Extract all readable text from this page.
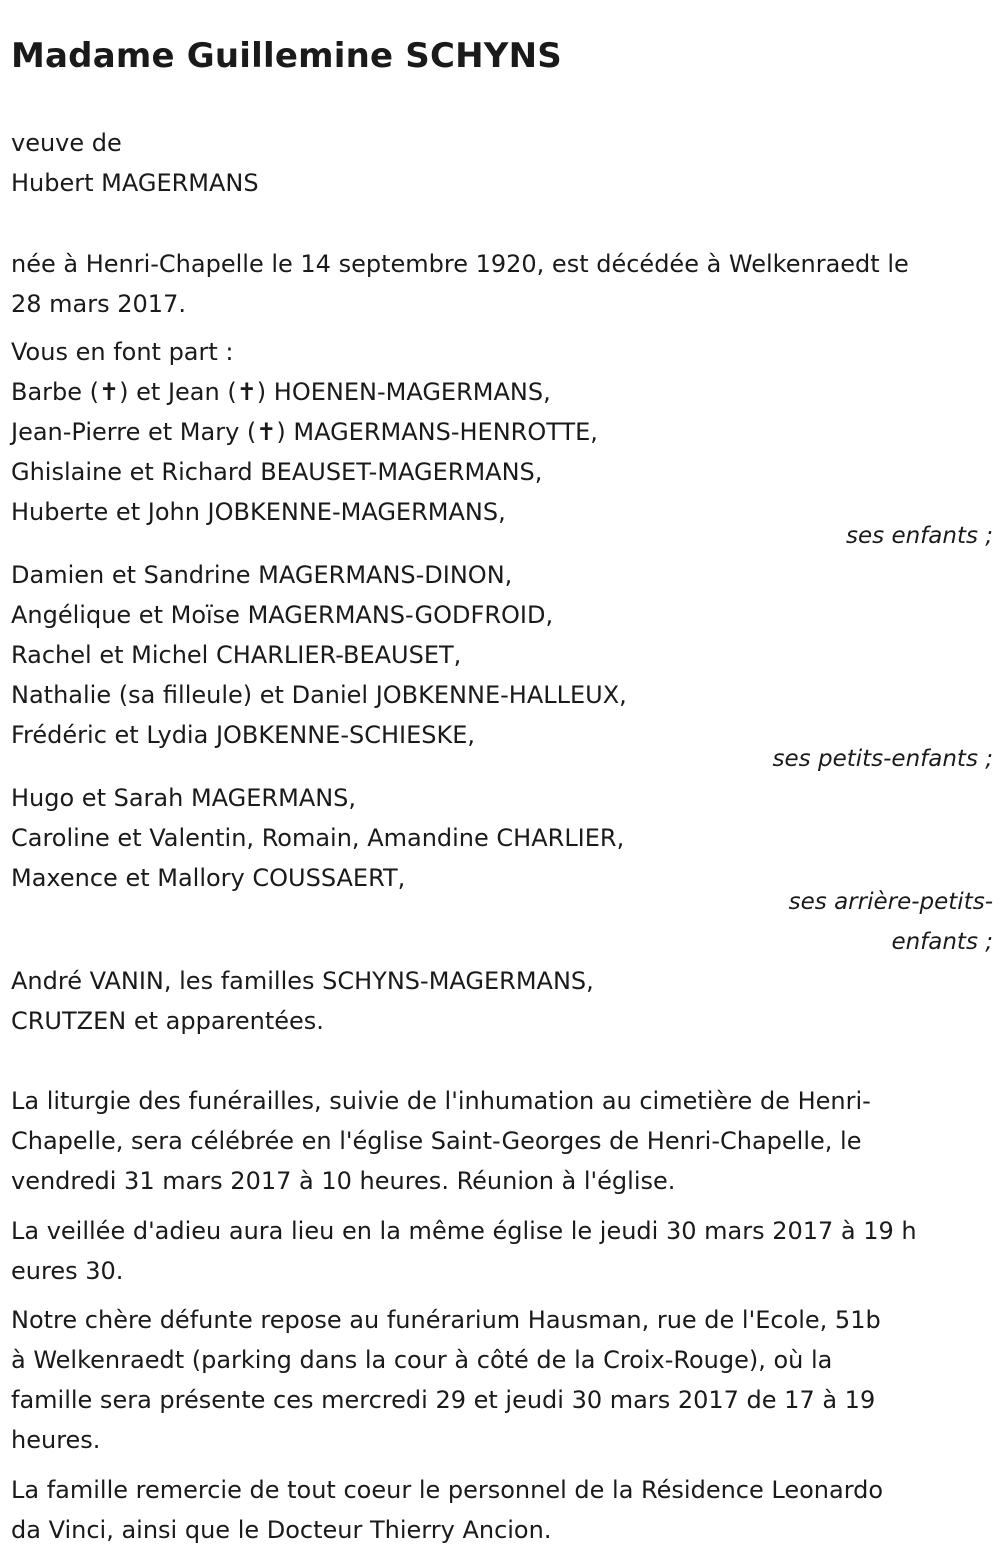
Madame Guillemine SCHYNS
veuve de
Hubert MAGERMANS
née à Henri-Chapelle le 14 septembre 1920, est décédée à Welkenraedt le
28 mars 2017.
Vous en font part :
Barbe (✝) et Jean (✝) HOENEN-MAGERMANS,
Jean-Pierre et Mary (✝) MAGERMANS-HENROTTE,
Ghislaine et Richard BEAUSET-MAGERMANS,
Huberte et John JOBKENNE-MAGERMANS,
ses enfants ;
Damien et Sandrine MAGERMANS-DINON,
Angélique et Moïse MAGERMANS-GODFROID,
Rachel et Michel CHARLIER-BEAUSET,
Nathalie (sa filleule) et Daniel JOBKENNE-HALLEUX,
Frédéric et Lydia JOBKENNE-SCHIESKE,
ses petits-enfants ;
Hugo et Sarah MAGERMANS,
Caroline et Valentin, Romain, Amandine CHARLIER,
Maxence et Mallory COUSSAERT,
ses arrière-petits-
enfants ;
André VANIN, les familles SCHYNS-MAGERMANS,
CRUTZEN et apparentées.
La liturgie des funérailles, suivie de l'inhumation au cimetière de Henri-
Chapelle, sera célébrée en l'église Saint-Georges de Henri-Chapelle, le
vendredi 31 mars 2017 à 10 heures. Réunion à l'église.
La veillée d'adieu aura lieu en la même église le jeudi 30 mars 2017 à 19 h
eures 30.
Notre chère défunte repose au funérarium Hausman, rue de l'Ecole, 51b
à Welkenraedt (parking dans la cour à côté de la Croix-Rouge), où la
famille sera présente ces mercredi 29 et jeudi 30 mars 2017 de 17 à 19
heures.
La famille remercie de tout coeur le personnel de la Résidence Leonardo
da Vinci, ainsi que le Docteur Thierry Ancion.
